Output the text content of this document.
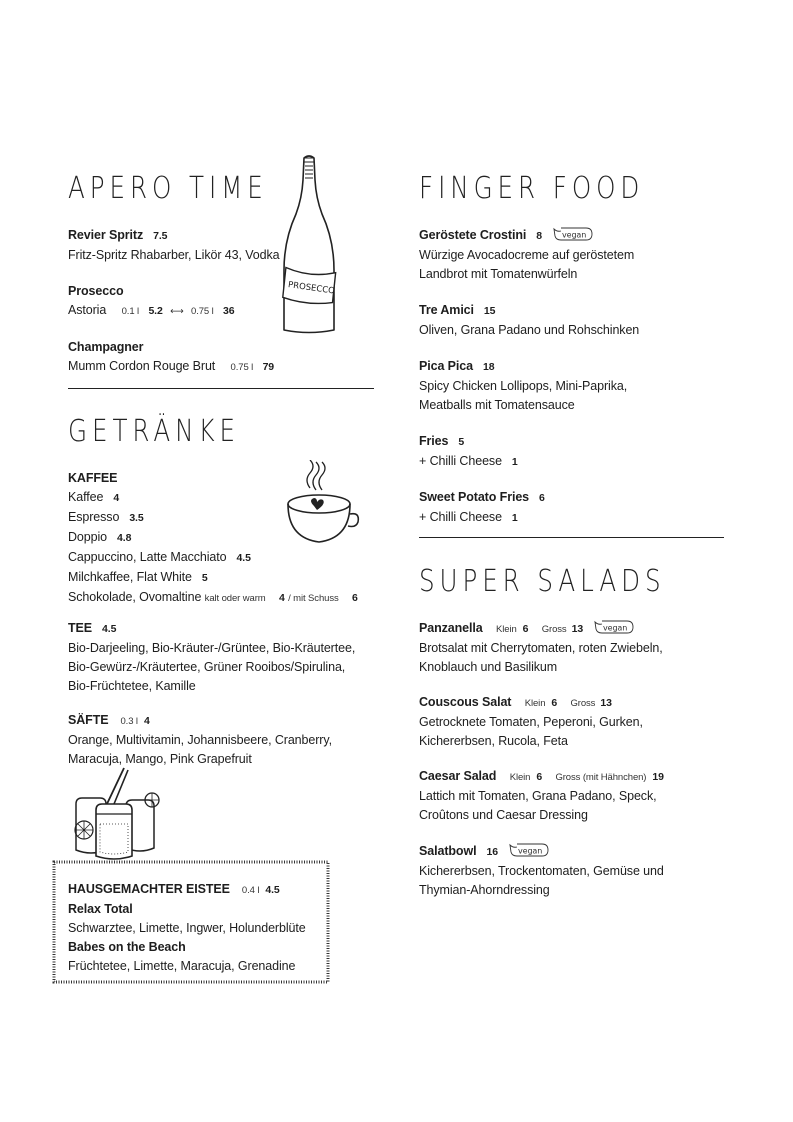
APERO TIME
PROSECCO
Revier Spritz 7.5
Fritz-Spritz Rhabarber, Likör 43, Vodka
Prosecco
Astoria 0.1 l 5.2 ⟷ 0.75 l 36
Champagner
Mumm Cordon Rouge Brut 0.75 l 79
GETRÄNKE
KAFFEE
Kaffee 4
Espresso 3.5
Doppio 4.8
Cappuccino, Latte Macchiato 4.5
Milchkaffee, Flat White 5
Schokolade, Ovomaltine kalt oder warm 4 / mit Schuss 6
TEE 4.5
Bio-Darjeeling, Bio-Kräuter-/Grüntee, Bio-Kräutertee,
Bio-Gewürz-/Kräutertee, Grüner Rooibos/Spirulina,
Bio-Früchtetee, Kamille
SÄFTE 0.3 l 4
Orange, Multivitamin, Johannisbeere, Cranberry,
Maracuja, Mango, Pink Grapefruit
HAUSGEMACHTER EISTEE 0.4 l 4.5
Relax Total
Schwarztee, Limette, Ingwer, Holunderblüte
Babes on the Beach
Früchtetee, Limette, Maracuja, Grenadine
FINGER FOOD
Geröstete Crostini 8	vegan
Würzige Avocadocreme auf geröstetem
Landbrot mit Tomatenwürfeln
Tre Amici 15
Oliven, Grana Padano und Rohschinken
Pica Pica 18
Spicy Chicken Lollipops, Mini-Paprika,
Meatballs mit Tomatensauce
Fries 5
+ Chilli Cheese 1
Sweet Potato Fries 6
+ Chilli Cheese 1
SUPER SALADS
Panzanella Klein 6 Gross 13	vegan
Brotsalat mit Cherrytomaten, roten Zwiebeln,
Knoblauch und Basilikum
Couscous Salat Klein 6 Gross 13
Getrocknete Tomaten, Peperoni, Gurken,
Kichererbsen, Rucola, Feta
Caesar Salad Klein 6 Gross (mit Hähnchen) 19
Lattich mit Tomaten, Grana Padano, Speck,
Croûtons und Caesar Dressing
Salatbowl 16	vegan
Kichererbsen, Trockentomaten, Gemüse und
Thymian-Ahorndressing
